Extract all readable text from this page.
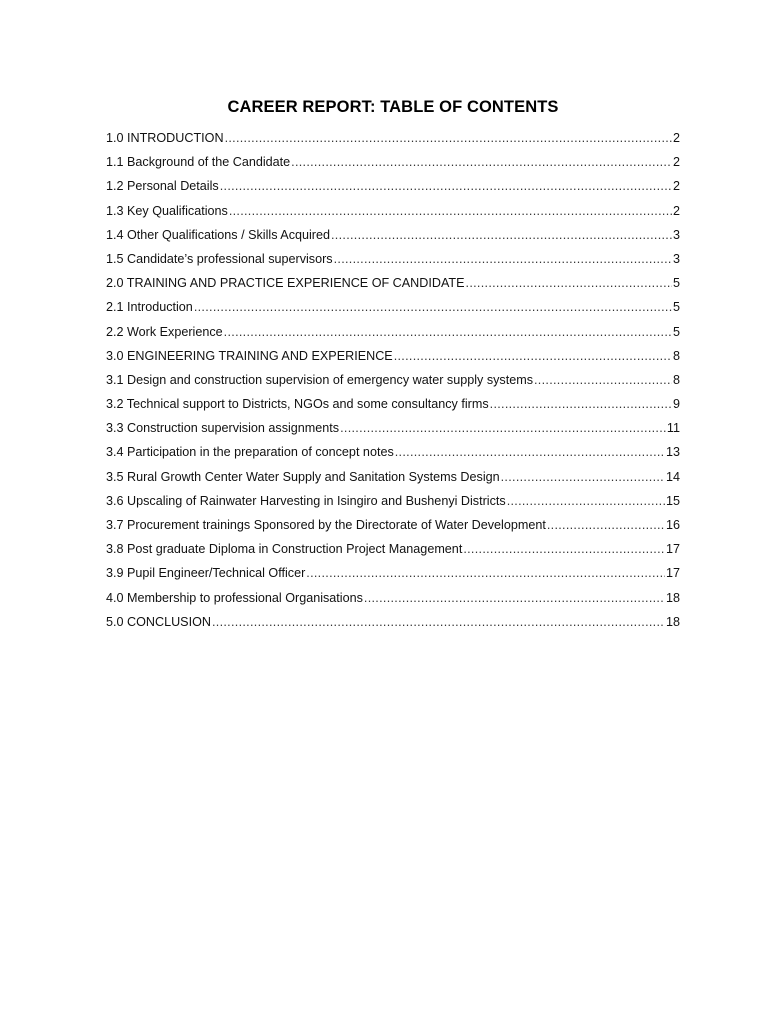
CAREER REPORT: TABLE OF CONTENTS
1.0 INTRODUCTION .....	2
1.1 Background of the Candidate .....	2
1.2 Personal Details .....	2
1.3 Key Qualifications .....	2
1.4 Other Qualifications / Skills Acquired .....	3
1.5 Candidate’s professional supervisors .....	3
2.0 TRAINING AND PRACTICE EXPERIENCE OF CANDIDATE .....	5
2.1 Introduction .....	5
2.2 Work Experience .....	5
3.0 ENGINEERING TRAINING AND EXPERIENCE .....	8
3.1 Design and construction supervision of emergency water supply systems .....	8
3.2 Technical support to Districts, NGOs and some consultancy firms .....	9
3.3 Construction supervision assignments .....	11
3.4 Participation in the preparation of concept notes .....	13
3.5 Rural Growth Center Water Supply and Sanitation Systems Design .....	14
3.6 Upscaling of Rainwater Harvesting in Isingiro and Bushenyi Districts .....	15
3.7 Procurement trainings Sponsored by the Directorate of Water Development .....	16
3.8 Post graduate Diploma in Construction Project Management .....	17
3.9 Pupil Engineer/Technical Officer .....	17
4.0 Membership to professional Organisations .....	18
5.0 CONCLUSION .....	18
